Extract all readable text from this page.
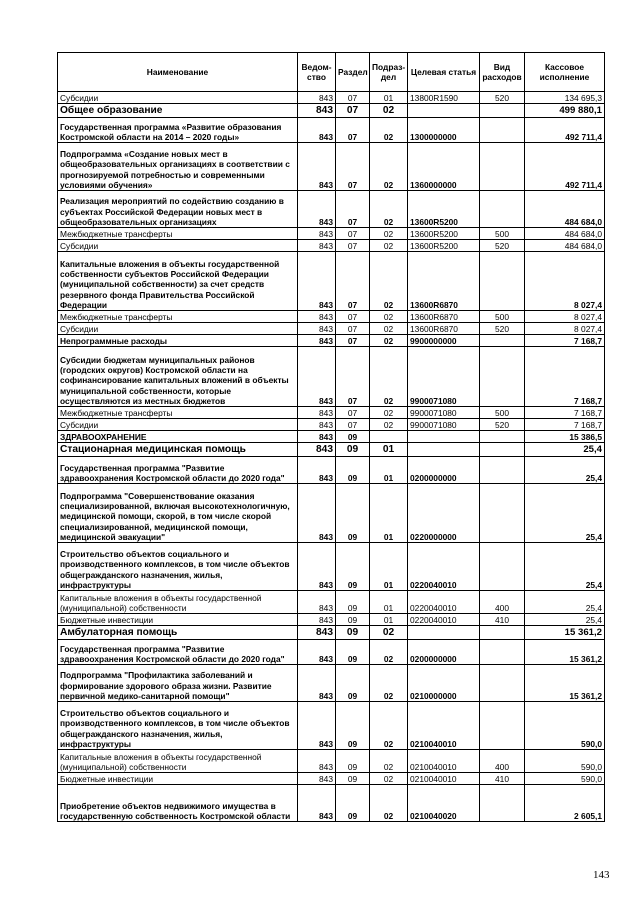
Наименование	Ведом-ство	Раздел	Подраз-дел	Целевая статья	Вид расходов	Кассовое исполнение
Субсидии	843	07	01	13800R1590	520	134 695,3
Общее образование	843	07	02			499 880,1
Государственная программа «Развитие образования Костромской области на 2014 – 2020 годы»	843	07	02	1300000000		492 711,4
Подпрограмма «Создание новых мест в общеобразовательных организациях в соответствии с прогнозируемой потребностью и современными условиями обучения»	843	07	02	1360000000		492 711,4
Реализация мероприятий по содействию созданию в субъектах Российской Федерации новых мест в общеобразовательных организациях	843	07	02	13600R5200		484 684,0
Межбюджетные трансферты	843	07	02	13600R5200	500	484 684,0
Субсидии	843	07	02	13600R5200	520	484 684,0
Капитальные вложения в объекты государственной собственности субъектов Российской Федерации (муниципальной собственности) за счет средств резервного фонда Правительства Российской Федерации	843	07	02	13600R6870		8 027,4
Межбюджетные трансферты	843	07	02	13600R6870	500	8 027,4
Субсидии	843	07	02	13600R6870	520	8 027,4
Непрограммные расходы	843	07	02	9900000000		7 168,7
Субсидии бюджетам муниципальных районов (городских округов) Костромской области на софинансирование капитальных вложений в объекты муниципальной собственности, которые осуществляются из местных бюджетов	843	07	02	9900071080		7 168,7
Межбюджетные трансферты	843	07	02	9900071080	500	7 168,7
Субсидии	843	07	02	9900071080	520	7 168,7
ЗДРАВООХРАНЕНИЕ	843	09				15 386,5
Стационарная медицинская помощь	843	09	01			25,4
Государственная программа "Развитие здравоохранения Костромской области до 2020 года"	843	09	01	0200000000		25,4
Подпрограмма "Совершенствование оказания специализированной, включая высокотехнологичную, медицинской помощи, скорой, в том числе скорой специализированной, медицинской помощи, медицинской эвакуации"	843	09	01	0220000000		25,4
Строительство объектов социального и производственного комплексов, в том числе объектов общегражданского назначения, жилья, инфраструктуры	843	09	01	0220040010		25,4
Капитальные вложения в объекты государственной (муниципальной) собственности	843	09	01	0220040010	400	25,4
Бюджетные инвестиции	843	09	01	0220040010	410	25,4
Амбулаторная помощь	843	09	02			15 361,2
Государственная программа "Развитие здравоохранения Костромской области до 2020 года"	843	09	02	0200000000		15 361,2
Подпрограмма "Профилактика заболеваний и формирование здорового образа жизни. Развитие первичной медико-санитарной помощи"	843	09	02	0210000000		15 361,2
Строительство объектов социального и производственного комплексов, в том числе объектов общегражданского назначения, жилья, инфраструктуры	843	09	02	0210040010		590,0
Капитальные вложения в объекты государственной (муниципальной) собственности	843	09	02	0210040010	400	590,0
Бюджетные инвестиции	843	09	02	0210040010	410	590,0
Приобретение объектов недвижимого имущества в государственную собственность Костромской области	843	09	02	0210040020		2 605,1
143
